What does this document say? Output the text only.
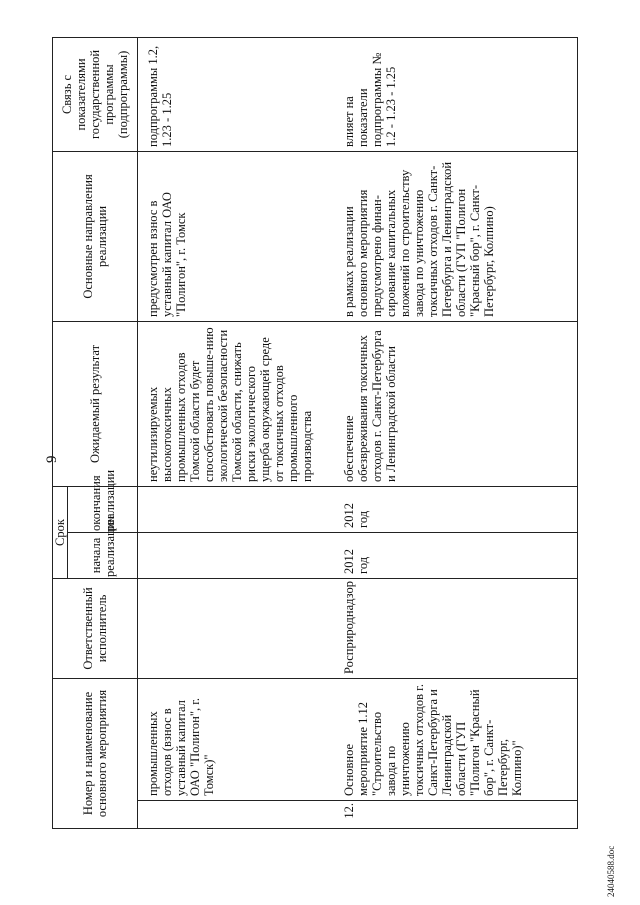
9
Номер и наименование основного мероприятия		Ответственный исполнитель	Срок		Ожидаемый результат	Основные направления реализации	Связь с показателями государственной программы (подпрограммы)
			начала реализации	окончания реализации			
	промышленных отходов (взнос в уставный капитал ОАО "Полигон", г. Томск)"				неутилизируемых высокотоксичных промышленных отходов Томской области будет способствовать повыше-нию экологической безопасности Томской области, снижать риски экологического ущерба окружающей среде от токсичных отходов промышленного производства	предусмотрен взнос в уставный капитал ОАО "Полигон", г. Томск	подпрограммы 1.2, 1.23 - 1.25
12.	Основное мероприятие 1.12 "Строительство завода по уничтожению токсичных отходов г. Санкт-Петербурга и Ленинградской области (ГУП "Полигон "Красный бор", г. Санкт-Петербург, Колпино)"	Росприроднадзор	2012 год	2012 год	обеспечение обезвреживания токсичных отходов г. Санкт-Петербурга и Ленинградской области	в рамках реализации основного мероприятия предусмотрено финан-сирование капитальных вложений по строительству завода по уничтожению токсичных отходов г. Санкт-Петербурга и Ленинградской области (ГУП "Полигон "Красный бор", г. Санкт-Петербург, Колпино)	влияет на показатели подпрограммы № 1.2 - 1.23 - 1.25
24040588.doc
